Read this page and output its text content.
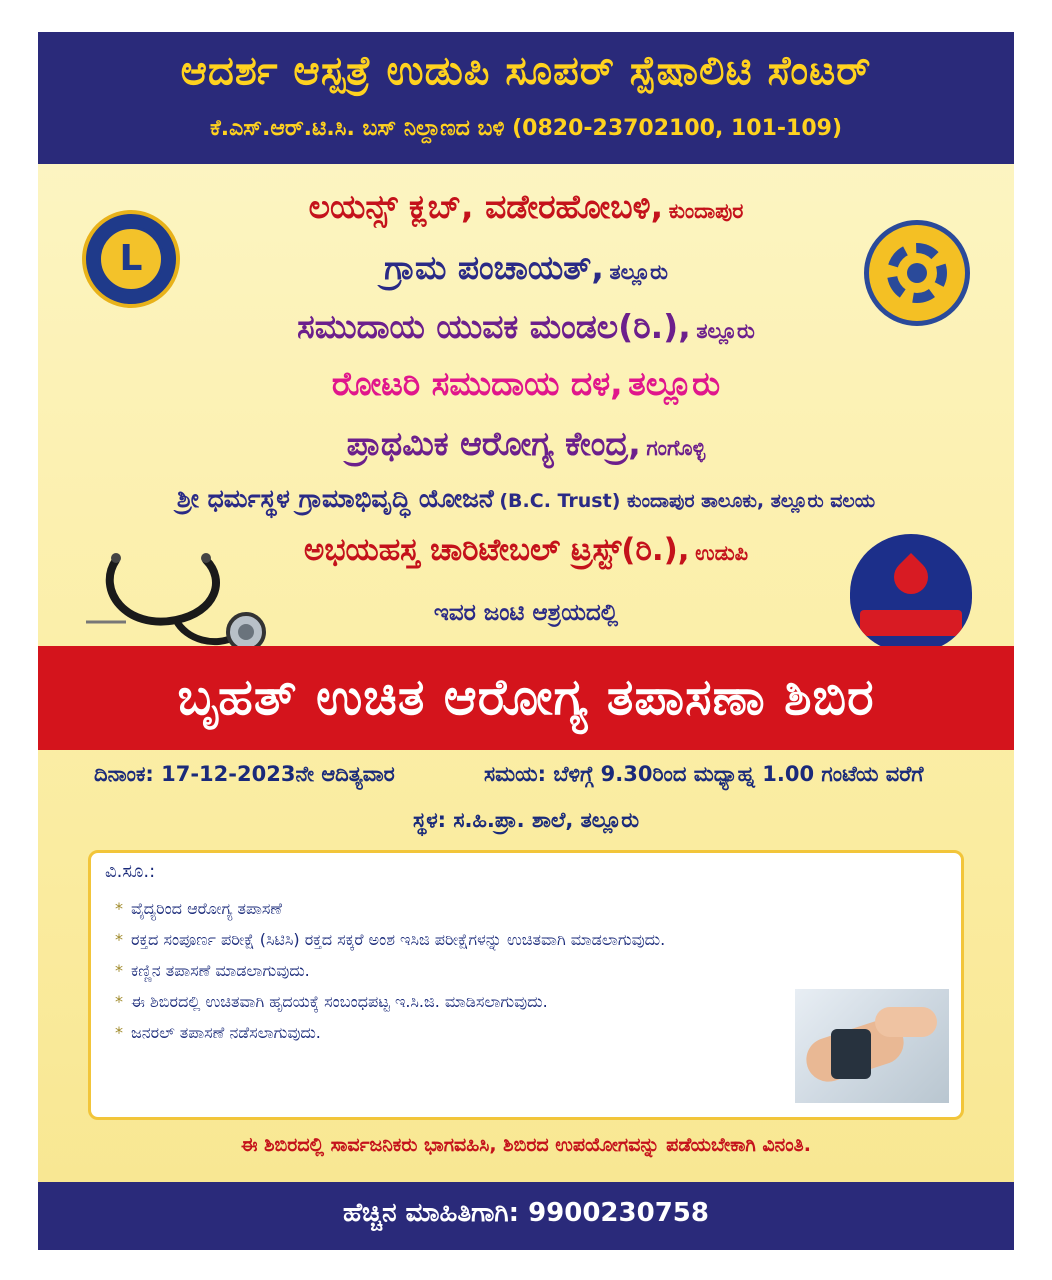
ಆದರ್ಶ ಆಸ್ಪತ್ರೆ ಉಡುಪಿ ಸೂಪರ್ ಸ್ಪೆಷಾಲಿಟಿ ಸೆಂಟರ್
ಕೆ.ಎಸ್.ಆರ್.ಟಿ.ಸಿ. ಬಸ್ ನಿಲ್ದಾಣದ ಬಳಿ (0820-23702100, 101-109)
L
ಲಯನ್ಸ್ ಕ್ಲಬ್, ವಡೇರಹೋಬಳಿ, ಕುಂದಾಪುರ
ಗ್ರಾಮ ಪಂಚಾಯತ್, ತಲ್ಲೂರು
ಸಮುದಾಯ ಯುವಕ ಮಂಡಲ(ರಿ.), ತಲ್ಲೂರು
ರೋಟರಿ ಸಮುದಾಯ ದಳ, ತಲ್ಲೂರು
ಪ್ರಾಥಮಿಕ ಆರೋಗ್ಯ ಕೇಂದ್ರ, ಗಂಗೊಳ್ಳಿ
ಶ್ರೀ ಧರ್ಮಸ್ಥಳ ಗ್ರಾಮಾಭಿವೃದ್ಧಿ ಯೋಜನೆ (B.C. Trust) ಕುಂದಾಪುರ ತಾಲೂಕು, ತಲ್ಲೂರು ವಲಯ
ಅಭಯಹಸ್ತ ಚಾರಿಟೇಬಲ್ ಟ್ರಸ್ಟ್(ರಿ.), ಉಡುಪಿ
ಇವರ ಜಂಟಿ ಆಶ್ರಯದಲ್ಲಿ
ಬೃಹತ್ ಉಚಿತ ಆರೋಗ್ಯ ತಪಾಸಣಾ ಶಿಬಿರ
ದಿನಾಂಕ: 17-12-2023ನೇ ಆದಿತ್ಯವಾರ	ಸಮಯ: ಬೆಳಿಗ್ಗೆ 9.30ರಿಂದ ಮಧ್ಯಾಹ್ನ 1.00 ಗಂಟೆಯ ವರೆಗೆ
ಸ್ಥಳ: ಸ.ಹಿ.ಪ್ರಾ. ಶಾಲೆ, ತಲ್ಲೂರು
ವಿ.ಸೂ.:
* ವೈದ್ಯರಿಂದ ಆರೋಗ್ಯ ತಪಾಸಣೆ
* ರಕ್ತದ ಸಂಪೂರ್ಣ ಪರೀಕ್ಷೆ (ಸಿಟಿಸಿ) ರಕ್ತದ ಸಕ್ಕರೆ ಅಂಶ ಇಸಿಜಿ ಪರೀಕ್ಷೆಗಳನ್ನು ಉಚಿತವಾಗಿ ಮಾಡಲಾಗುವುದು.
* ಕಣ್ಣಿನ ತಪಾಸಣೆ ಮಾಡಲಾಗುವುದು.
* ಈ ಶಿಬಿರದಲ್ಲಿ ಉಚಿತವಾಗಿ ಹೃದಯಕ್ಕೆ ಸಂಬಂಧಪಟ್ಟ ಇ.ಸಿ.ಜಿ. ಮಾಡಿಸಲಾಗುವುದು.
* ಜನರಲ್ ತಪಾಸಣೆ ನಡೆಸಲಾಗುವುದು.
ಈ ಶಿಬಿರದಲ್ಲಿ ಸಾರ್ವಜನಿಕರು ಭಾಗವಹಿಸಿ, ಶಿಬಿರದ ಉಪಯೋಗವನ್ನು ಪಡೆಯಬೇಕಾಗಿ ವಿನಂತಿ.
ಹೆಚ್ಚಿನ ಮಾಹಿತಿಗಾಗಿ: 9900230758
